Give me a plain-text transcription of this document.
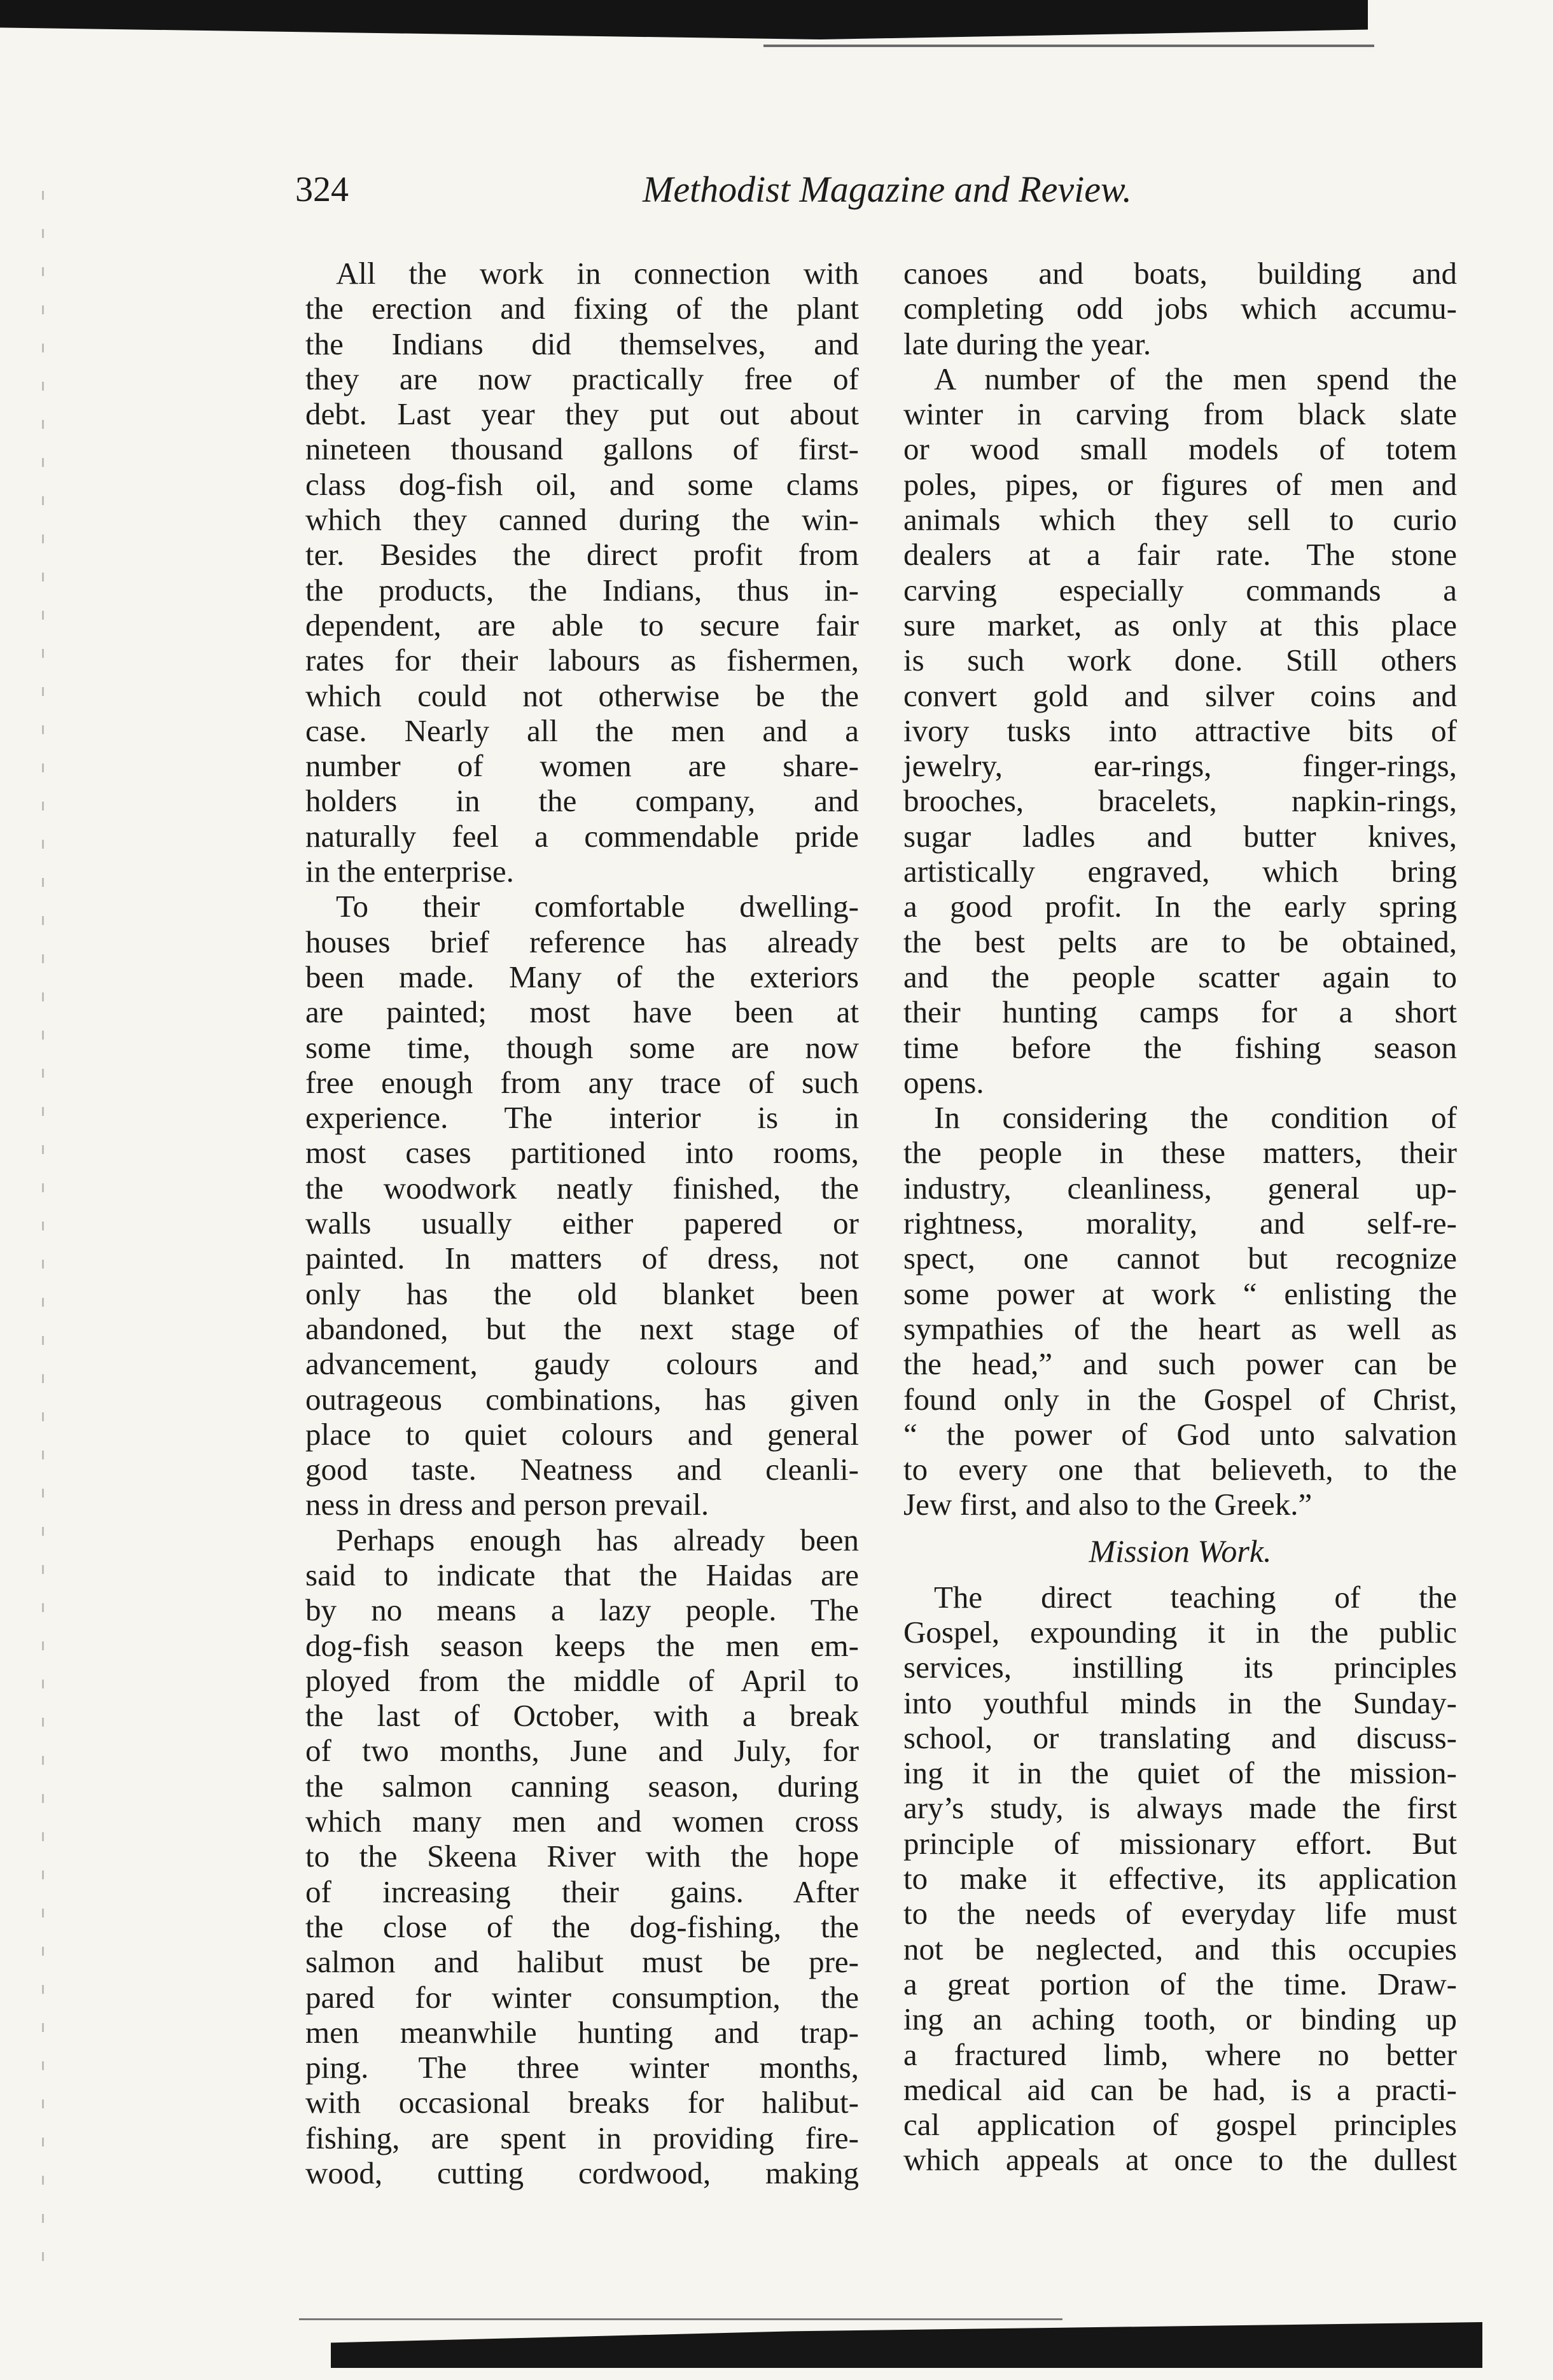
324	Methodist Magazine and Review.
All the work in connection with
the erection and fixing of the plant
the Indians did themselves, and
they are now practically free of
debt. Last year they put out about
nineteen thousand gallons of first-
class dog-fish oil, and some clams
which they canned during the win-
ter. Besides the direct profit from
the products, the Indians, thus in-
dependent, are able to secure fair
rates for their labours as fishermen,
which could not otherwise be the
case. Nearly all the men and a
number of women are share-
holders in the company, and
naturally feel a commendable pride
in the enterprise.
To their comfortable dwelling-
houses brief reference has already
been made. Many of the exteriors
are painted; most have been at
some time, though some are now
free enough from any trace of such
experience. The interior is in
most cases partitioned into rooms,
the woodwork neatly finished, the
walls usually either papered or
painted. In matters of dress, not
only has the old blanket been
abandoned, but the next stage of
advancement, gaudy colours and
outrageous combinations, has given
place to quiet colours and general
good taste. Neatness and cleanli-
ness in dress and person prevail.
Perhaps enough has already been
said to indicate that the Haidas are
by no means a lazy people. The
dog-fish season keeps the men em-
ployed from the middle of April to
the last of October, with a break
of two months, June and July, for
the salmon canning season, during
which many men and women cross
to the Skeena River with the hope
of increasing their gains. After
the close of the dog-fishing, the
salmon and halibut must be pre-
pared for winter consumption, the
men meanwhile hunting and trap-
ping. The three winter months,
with occasional breaks for halibut-
fishing, are spent in providing fire-
wood, cutting cordwood, making
canoes and boats, building and
completing odd jobs which accumu-
late during the year.
A number of the men spend the
winter in carving from black slate
or wood small models of totem
poles, pipes, or figures of men and
animals which they sell to curio
dealers at a fair rate. The stone
carving especially commands a
sure market, as only at this place
is such work done. Still others
convert gold and silver coins and
ivory tusks into attractive bits of
jewelry, ear-rings, finger-rings,
brooches, bracelets, napkin-rings,
sugar ladles and butter knives,
artistically engraved, which bring
a good profit. In the early spring
the best pelts are to be obtained,
and the people scatter again to
their hunting camps for a short
time before the fishing season
opens.
In considering the condition of
the people in these matters, their
industry, cleanliness, general up-
rightness, morality, and self-re-
spect, one cannot but recognize
some power at work “ enlisting the
sympathies of the heart as well as
the head,” and such power can be
found only in the Gospel of Christ,
“ the power of God unto salvation
to every one that believeth, to the
Jew first, and also to the Greek.”
Mission Work.
The direct teaching of the
Gospel, expounding it in the public
services, instilling its principles
into youthful minds in the Sunday-
school, or translating and discuss-
ing it in the quiet of the mission-
ary’s study, is always made the first
principle of missionary effort. But
to make it effective, its application
to the needs of everyday life must
not be neglected, and this occupies
a great portion of the time. Draw-
ing an aching tooth, or binding up
a fractured limb, where no better
medical aid can be had, is a practi-
cal application of gospel principles
which appeals at once to the dullest
